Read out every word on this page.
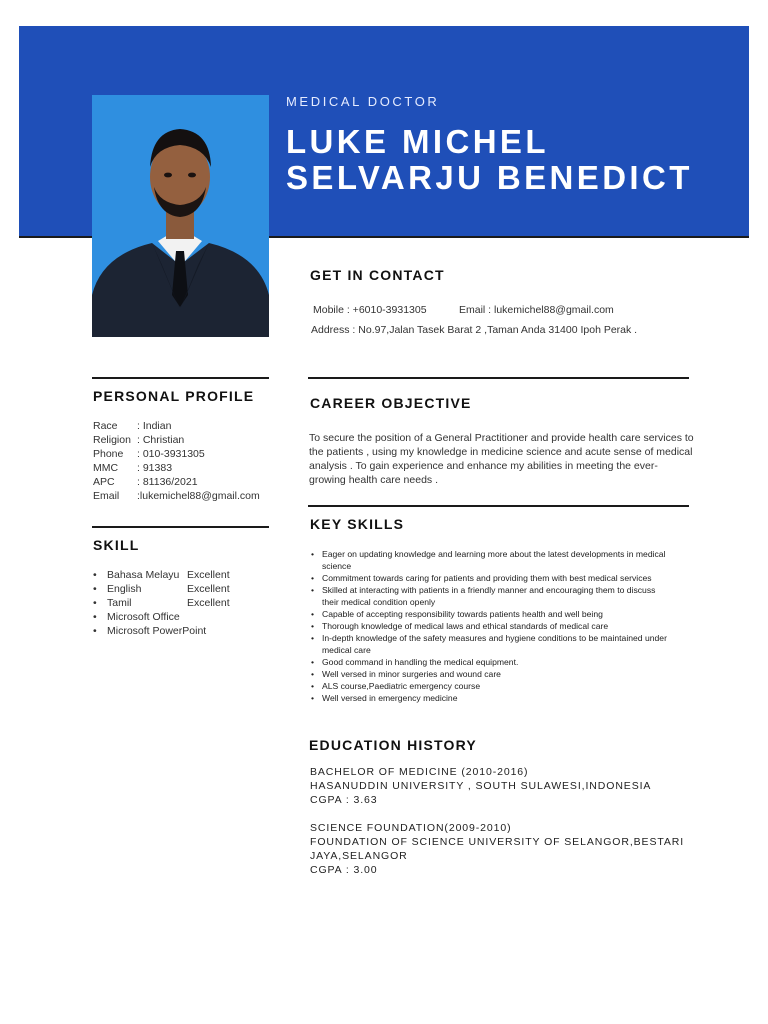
MEDICAL DOCTOR
LUKE MICHEL
SELVARJU BENEDICT
GET IN CONTACT
Mobile : +6010-3931305	Email : lukemichel88@gmail.com
Address : No.97,Jalan Tasek Barat 2 ,Taman Anda 31400 Ipoh Perak .
PERSONAL PROFILE
Race	: Indian
Religion : Christian
Phone	: 010-3931305
MMC	: 91383
APC	: 81136/2021
Email	:lukemichel88@gmail.com
SKILL
• Bahasa Melayu Excellent
• English	Excellent
• Tamil	Excellent
• Microsoft Office
• Microsoft PowerPoint
CAREER OBJECTIVE
To secure the position of a General Practitioner and provide health care services to the patients , using my knowledge in medicine science and acute sense of medical analysis . To gain experience and enhance my abilities in meeting the ever-growing health care needs .
KEY SKILLS
• Eager on updating knowledge and learning more about the latest developments in medical science
• Commitment towards caring for patients and providing them with best medical services
• Skilled at interacting with patients in a friendly manner and encouraging them to discuss their medical condition openly
• Capable of accepting responsibility towards patients health and well being
• Thorough knowledge of medical laws and ethical standards of medical care
• In-depth knowledge of the safety measures and hygiene conditions to be maintained under medical care
• Good command in handling the medical equipment.
• Well versed in minor surgeries and wound care
• ALS course,Paediatric emergency course
• Well versed in emergency medicine
EDUCATION HISTORY
BACHELOR OF MEDICINE (2010-2016)
HASANUDDIN UNIVERSITY , SOUTH SULAWESI,INDONESIA
CGPA : 3.63
SCIENCE FOUNDATION(2009-2010)
FOUNDATION OF SCIENCE UNIVERSITY OF SELANGOR,BESTARI
JAYA,SELANGOR
CGPA : 3.00
